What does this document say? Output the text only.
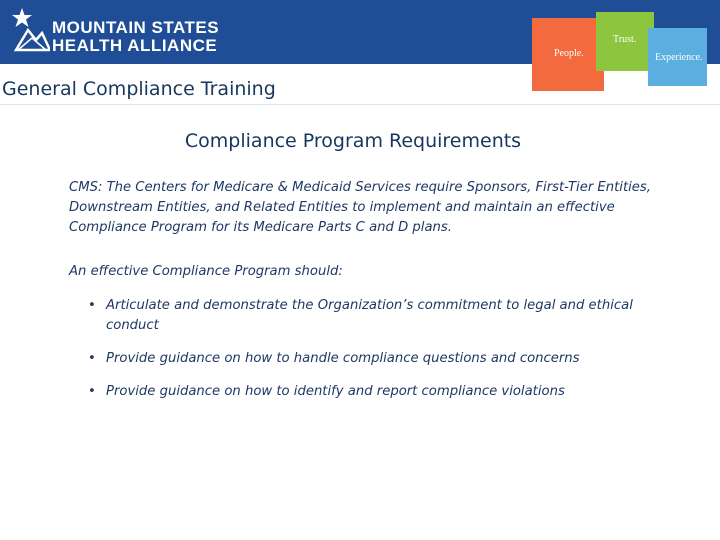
MOUNTAIN STATES
HEALTH ALLIANCE	People.
Trust.
Experience.
General Compliance Training
Compliance Program Requirements
CMS: The Centers for Medicare & Medicaid Services require Sponsors, First-Tier Entities, Downstream Entities, and Related Entities to implement and maintain an effective Compliance Program for its Medicare Parts C and D plans.
An effective Compliance Program should:
• Articulate and demonstrate the Organization’s commitment to legal and ethical conduct
• Provide guidance on how to handle compliance questions and concerns
• Provide guidance on how to identify and report compliance violations
